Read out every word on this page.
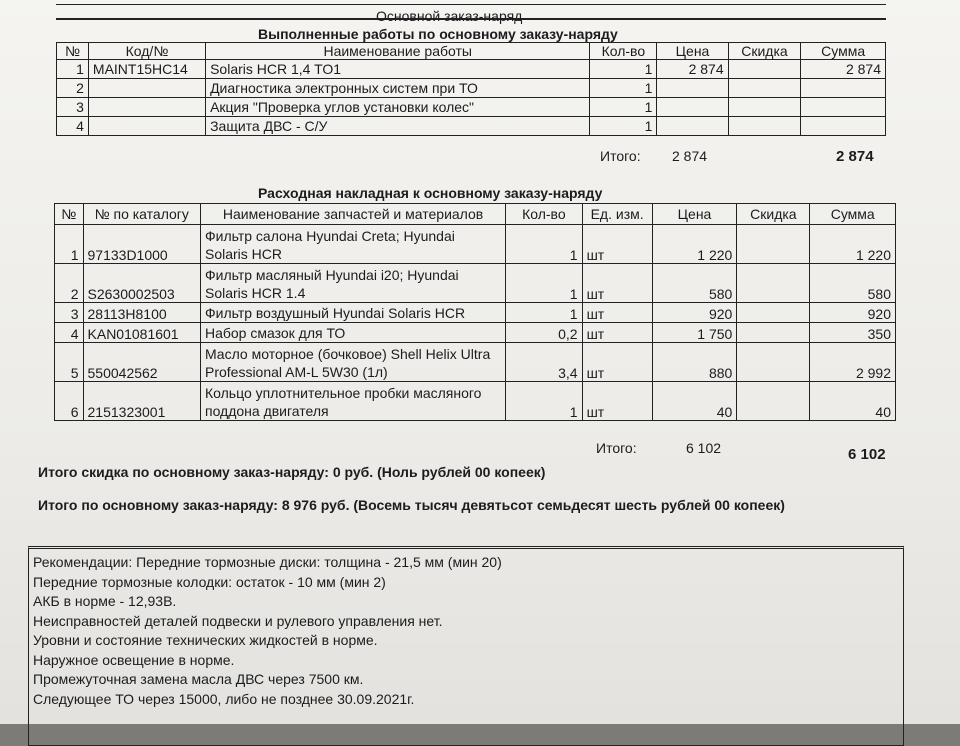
Основной заказ-наряд
Выполненные работы по основному заказу-наряду
№	Код/№	Наименование работы	Кол-во	Цена	Скидка	Сумма
1	MAINT15HC14	Solaris HCR 1,4 TO1	1	2 874		2 874
2		Диагностика электронных систем при ТО	1			
3		Акция "Проверка углов установки колес"	1			
4		Защита ДВС - С/У	1			
Итого: 2 874	2 874
Расходная накладная к основному заказу-наряду
№	№ по каталогу	Наименование запчастей и материалов	Кол-во	Ед. изм.	Цена	Скидка	Сумма
1	97133D1000	Фильтр салона Hyundai Creta; Hyundai Solaris HCR	1	шт	1 220		1 220
2	S2630002503	Фильтр масляный Hyundai i20; Hyundai Solaris HCR 1.4	1	шт	580		580
3	28113H8100	Фильтр воздушный Hyundai Solaris HCR	1	шт	920		920
4	KAN01081601	Набор смазок для ТО	0,2	шт	1 750		350
5	550042562	Масло моторное (бочковое) Shell Helix Ultra Professional AM-L 5W30 (1л)	3,4	шт	880		2 992
6	2151323001	Кольцо уплотнительное пробки масляного поддона двигателя	1	шт	40		40
Итого:	6 102	6 102
Итого скидка по основному заказ-наряду: 0 руб. (Ноль рублей 00 копеек)
Итого по основному заказ-наряду: 8 976 руб. (Восемь тысяч девятьсот семьдесят шесть рублей 00 копеек)
Рекомендации: Передние тормозные диски: толщина - 21,5 мм (мин 20)
Передние тормозные колодки: остаток - 10 мм (мин 2)
АКБ в норме - 12,93В.
Неисправностей деталей подвески и рулевого управления нет.
Уровни и состояние технических жидкостей в норме.
Наружное освещение в норме.
Промежуточная замена масла ДВС через 7500 км.
Следующее ТО через 15000, либо не позднее 30.09.2021г.
